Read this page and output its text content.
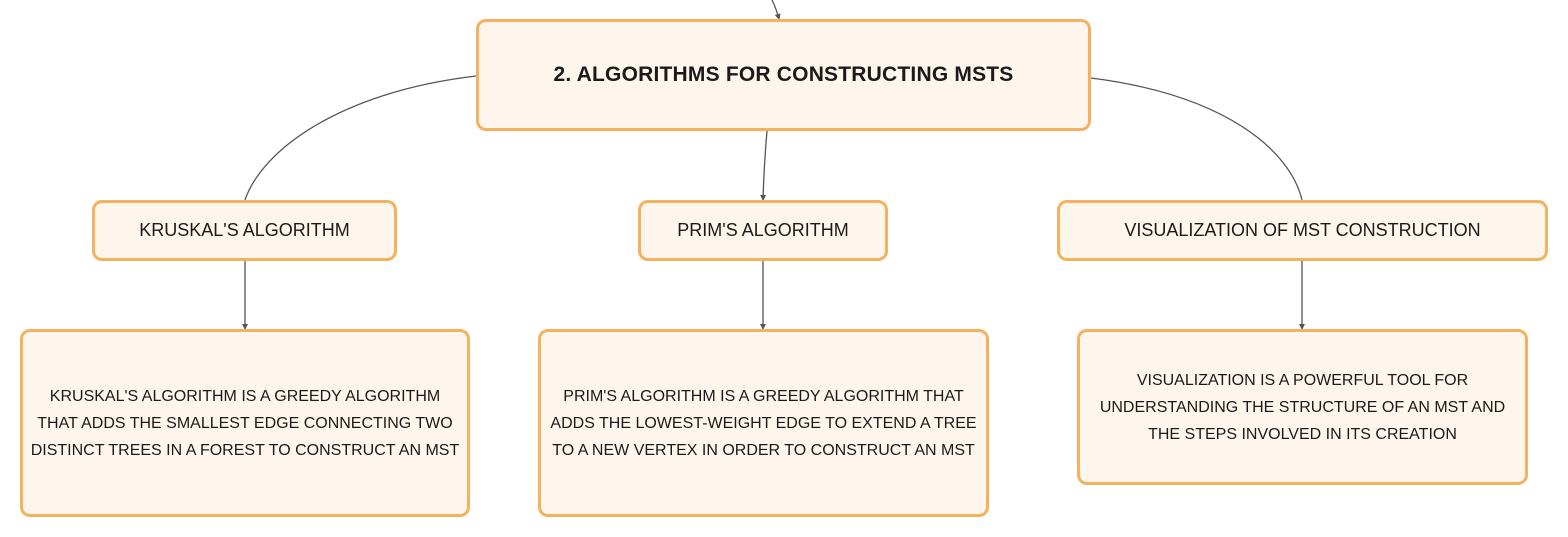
2. ALGORITHMS FOR CONSTRUCTING MSTS
KRUSKAL'S ALGORITHM	PRIM'S ALGORITHM	VISUALIZATION OF MST CONSTRUCTION
KRUSKAL'S ALGORITHM IS A GREEDY ALGORITHM THAT ADDS THE SMALLEST EDGE CONNECTING TWO DISTINCT TREES IN A FOREST TO CONSTRUCT AN MST
PRIM'S ALGORITHM IS A GREEDY ALGORITHM THAT ADDS THE LOWEST-WEIGHT EDGE TO EXTEND A TREE TO A NEW VERTEX IN ORDER TO CONSTRUCT AN MST
VISUALIZATION IS A POWERFUL TOOL FOR UNDERSTANDING THE STRUCTURE OF AN MST AND THE STEPS INVOLVED IN ITS CREATION
